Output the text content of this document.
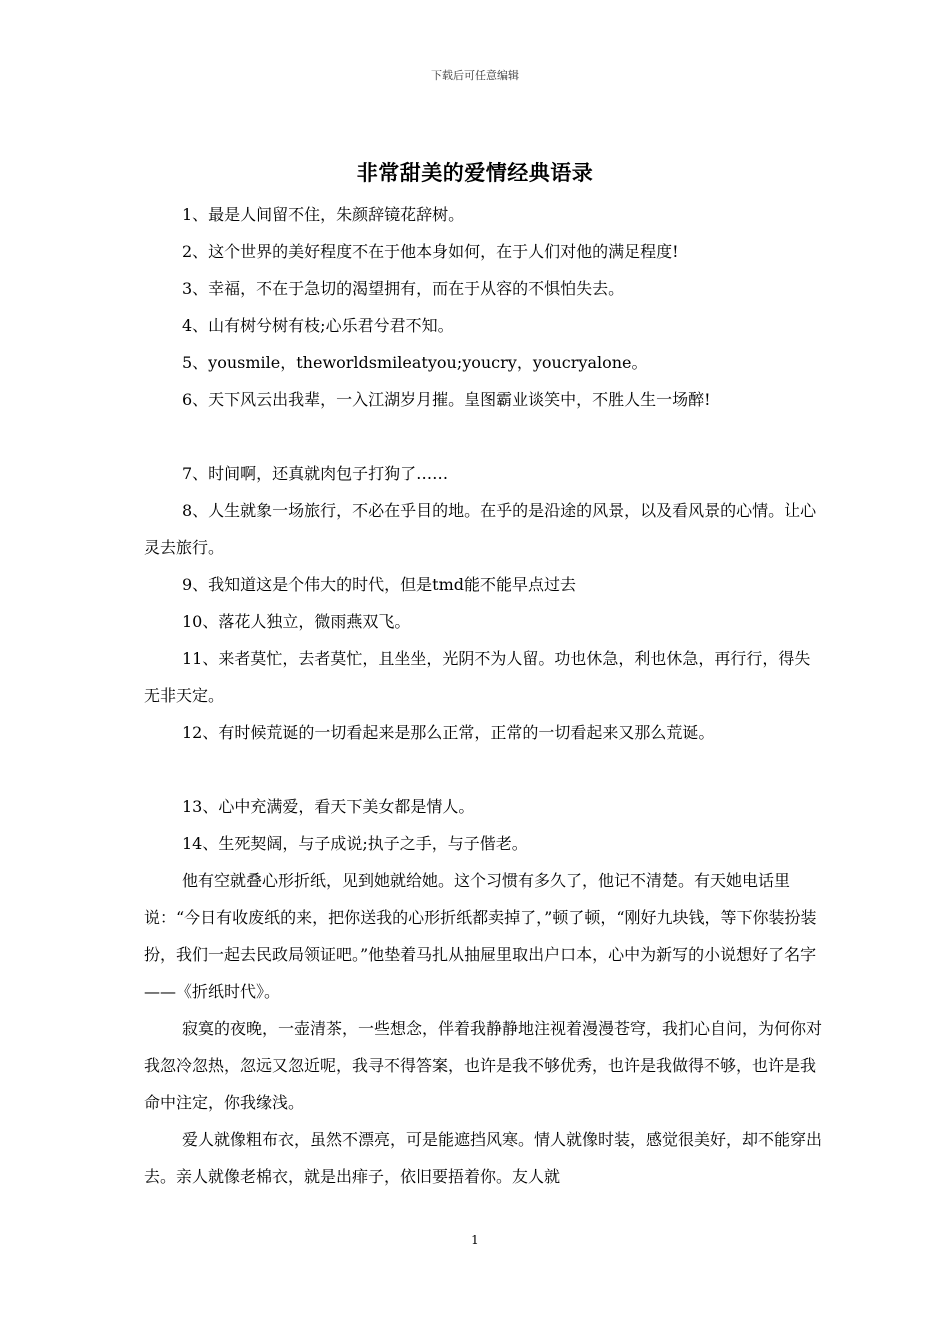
下载后可任意编辑
非常甜美的爱情经典语录

1、最是人间留不住，朱颜辞镜花辞树。

2、这个世界的美好程度不在于他本身如何，在于人们对他的满足程度!

3、幸福，不在于急切的渴望拥有，而在于从容的不惧怕失去。

4、山有树兮树有枝;心乐君兮君不知。

5、yousmile，theworldsmileatyou;youcry，youcryalone。

6、天下风云出我辈，一入江湖岁月摧。皇图霸业谈笑中，不胜人生一场醉!

7、时间啊，还真就肉包子打狗了……

8、人生就象一场旅行，不必在乎目的地。在乎的是沿途的风景，以及看风景的心情。让心灵去旅行。

9、我知道这是个伟大的时代，但是tmd能不能早点过去

10、落花人独立，微雨燕双飞。

11、来者莫忙，去者莫忙，且坐坐，光阴不为人留。功也休急，利也休急，再行行，得失无非天定。

12、有时候荒诞的一切看起来是那么正常，正常的一切看起来又那么荒诞。

13、心中充满爱，看天下美女都是情人。

14、生死契阔，与子成说;执子之手，与子偕老。

他有空就叠心形折纸，见到她就给她。这个习惯有多久了，他记不清楚。有天她电话里说：“今日有收废纸的来，把你送我的心形折纸都卖掉了，”顿了顿，“刚好九块钱，等下你装扮装扮，我们一起去民政局领证吧。”他垫着马扎从抽屉里取出户口本，心中为新写的小说想好了名字——《折纸时代》。

寂寞的夜晚，一壶清茶，一些想念，伴着我静静地注视着漫漫苍穹，我扪心自问，为何你对我忽冷忽热，忽远又忽近呢，我寻不得答案，也许是我不够优秀，也许是我做得不够，也许是我命中注定，你我缘浅。

爱人就像粗布衣，虽然不漂亮，可是能遮挡风寒。情人就像时装，感觉很美好，却不能穿出去。亲人就像老棉衣，就是出痱子，依旧要捂着你。友人就

1
